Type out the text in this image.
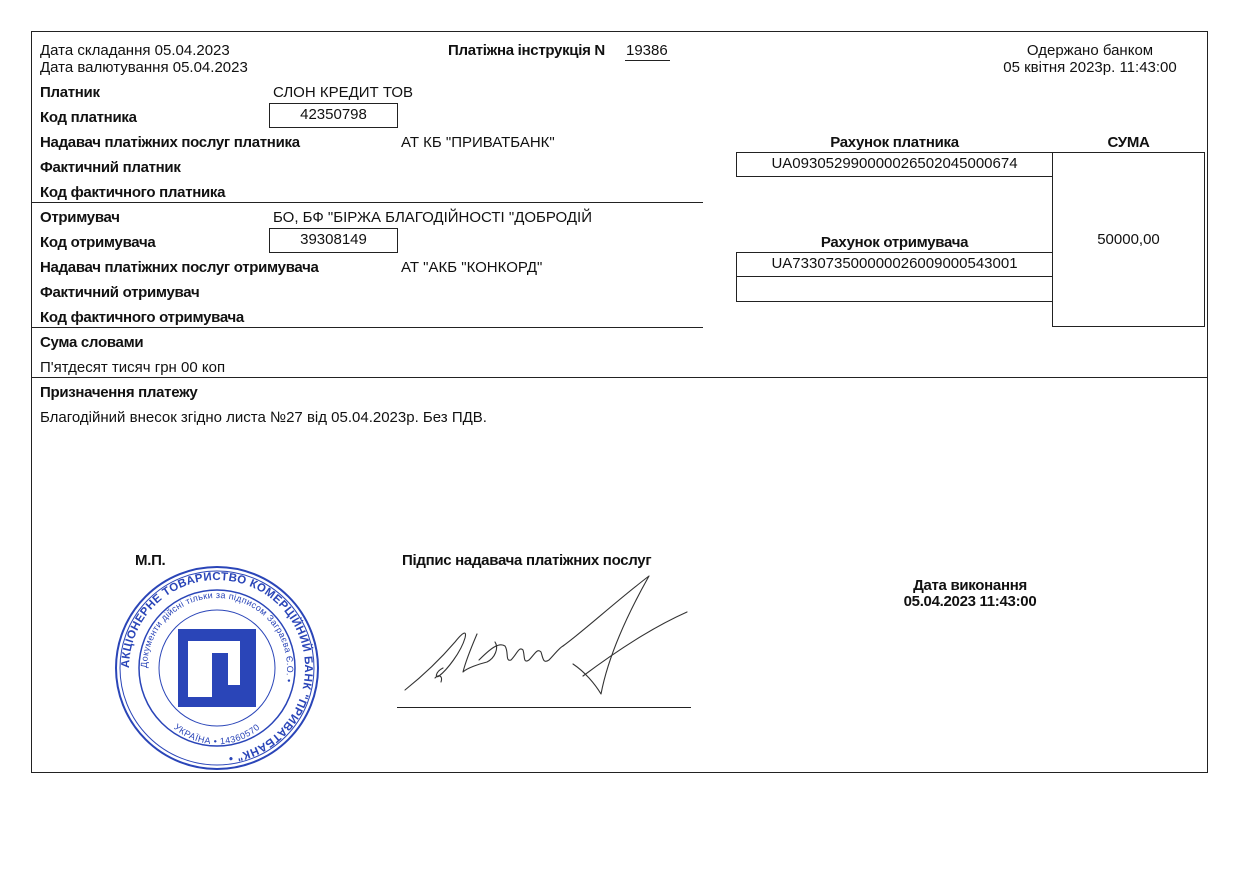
Дата складання 05.04.2023
Дата валютування 05.04.2023
Платіжна інструкція N 19386	Одержано банком
05 квітня 2023р. 11:43:00
Платник	СЛОН КРЕДИТ ТОВ
Код платника	42350798
Надавач платіжних послуг платника	АТ КБ "ПРИВАТБАНК"
Фактичний платник
Код фактичного платника
Отримувач	БО, БФ "БІРЖА БЛАГОДІЙНОСТІ "ДОБРОДІЙ
Код отримувача	39308149
Надавач платіжних послуг отримувача	АТ "АКБ "КОНКОРД"
Фактичний отримувач
Код фактичного отримувача
Рахунок платника
UA093052990000026502045000674
Рахунок отримувача
UA733073500000026009000543001
СУМА
50000,00
Сума словами
П'ятдесят тисяч грн 00 коп
Призначення платежу
Благодійний внесок згідно листа №27 від 05.04.2023р. Без ПДВ.
М.П.	Підпис надавача платіжних послуг
Дата виконання
05.04.2023 11:43:00
АКЦІОНЕРНЕ ТОВАРИСТВО КОМЕРЦІЙНИЙ БАНК "ПРИВАТБАНК" •
Документи дійсні тільки за підписом Заграєва Є.О. •
УКРАЇНА • 14360570
